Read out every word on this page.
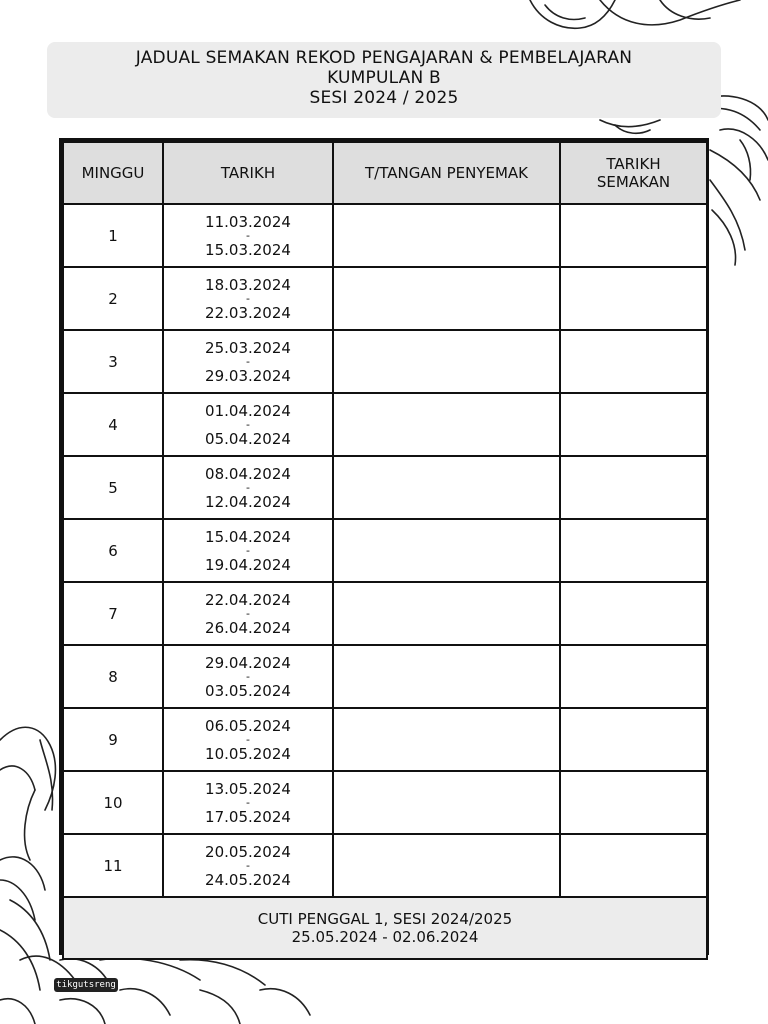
JADUAL SEMAKAN REKOD PENGAJARAN & PEMBELAJARAN
KUMPULAN B
SESI 2024 / 2025
MINGGU	TARIKH	T/TANGAN PENYEMAK	TARIKH SEMAKAN
1	11.03.2024
-
15.03.2024		

2	18.03.2024
-
22.03.2024		

3	25.03.2024
-
29.03.2024		

4	01.04.2024
-
05.04.2024		

5	08.04.2024
-
12.04.2024		

6	15.04.2024
-
19.04.2024		

7	22.04.2024
-
26.04.2024		

8	29.04.2024
-
03.05.2024		

9	06.05.2024
-
10.05.2024		

10	13.05.2024
-
17.05.2024		

11	20.05.2024
-
24.05.2024		

CUTI PENGGAL 1, SESI 2024/2025
25.05.2024 - 02.06.2024			
tikgutsreng
